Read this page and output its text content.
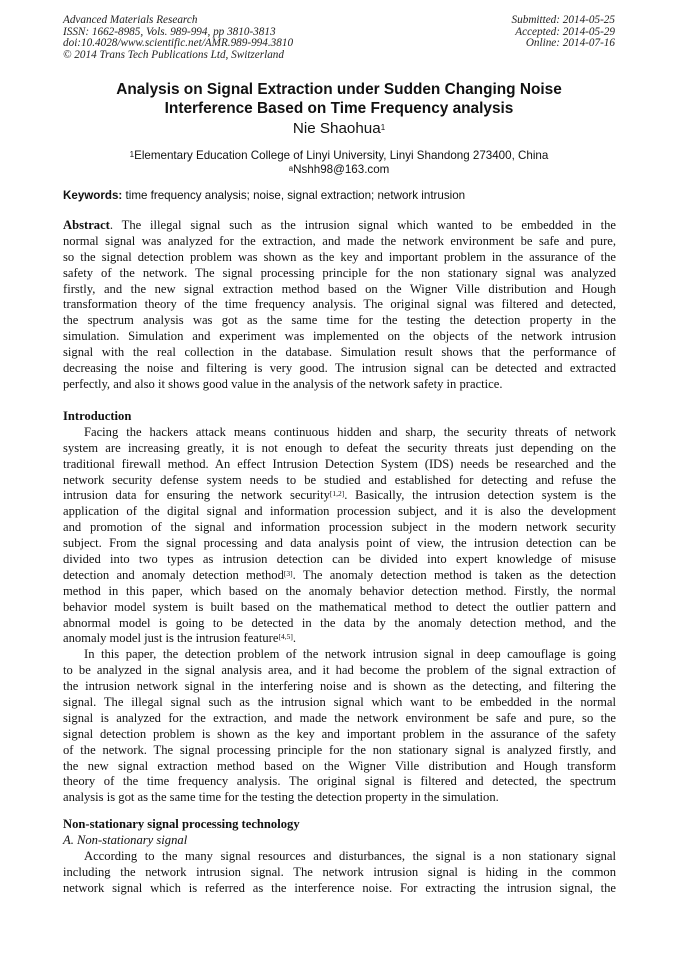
Advanced Materials Research
ISSN: 1662-8985, Vols. 989-994, pp 3810-3813
doi:10.4028/www.scientific.net/AMR.989-994.3810
© 2014 Trans Tech Publications Ltd, Switzerland
Submitted: 2014-05-25
Accepted: 2014-05-29
Online: 2014-07-16
Analysis on Signal Extraction under Sudden Changing Noise
Interference Based on Time Frequency analysis
Nie Shaohua$^1$
$^1$Elementary Education College of Linyi University, Linyi Shandong 273400, China
$^a$Nshh98@163.com
Keywords: time frequency analysis; noise, signal extraction; network intrusion
Abstract. The illegal signal such as the intrusion signal which wanted to be embedded in the
normal signal was analyzed for the extraction, and made the network environment be safe and pure,
so the signal detection problem was shown as the key and important problem in the assurance of the
safety of the network. The signal processing principle for the non stationary signal was analyzed
firstly, and the new signal extraction method based on the Wigner Ville distribution and Hough
transformation theory of the time frequency analysis. The original signal was filtered and detected,
the spectrum analysis was got as the same time for the testing the detection property in the
simulation. Simulation and experiment was implemented on the objects of the network intrusion
signal with the real collection in the database. Simulation result shows that the performance of
decreasing the noise and filtering is very good. The intrusion signal can be detected and extracted
perfectly, and also it shows good value in the analysis of the network safety in practice.
Introduction
Facing the hackers attack means continuous hidden and sharp, the security threats of network
system are increasing greatly, it is not enough to defeat the security threats just depending on the
traditional firewall method. An effect Intrusion Detection System (IDS) needs be researched and the
network security defense system needs to be studied and established for detecting and refuse the
intrusion data for ensuring the network security[1,2]. Basically, the intrusion detection system is the
application of the digital signal and information procession subject, and it is also the development
and promotion of the signal and information procession subject in the modern network security
subject. From the signal processing and data analysis point of view, the intrusion detection can be
divided into two types as intrusion detection can be divided into expert knowledge of misuse
detection and anomaly detection method[3]. The anomaly detection method is taken as the detection
method in this paper, which based on the anomaly behavior detection method. Firstly, the normal
behavior model system is built based on the mathematical method to detect the outlier pattern and
abnormal model is going to be detected in the data by the anomaly detection method, and the
anomaly model just is the intrusion feature[4,5].
In this paper, the detection problem of the network intrusion signal in deep camouflage is going
to be analyzed in the signal analysis area, and it had become the problem of the signal extraction of
the intrusion network signal in the interfering noise and is shown as the detecting, and filtering the
signal. The illegal signal such as the intrusion signal which want to be embedded in the normal
signal is analyzed for the extraction, and made the network environment be safe and pure, so the
signal detection problem is shown as the key and important problem in the assurance of the safety
of the network. The signal processing principle for the non stationary signal is analyzed firstly, and
the new signal extraction method based on the Wigner Ville distribution and Hough transform
theory of the time frequency analysis. The original signal is filtered and detected, the spectrum
analysis is got as the same time for the testing the detection property in the simulation.
Non-stationary signal processing technology
A. Non-stationary signal
According to the many signal resources and disturbances, the signal is a non stationary signal
including the network intrusion signal. The network intrusion signal is hiding in the common
network signal which is referred as the interference noise. For extracting the intrusion signal, the
